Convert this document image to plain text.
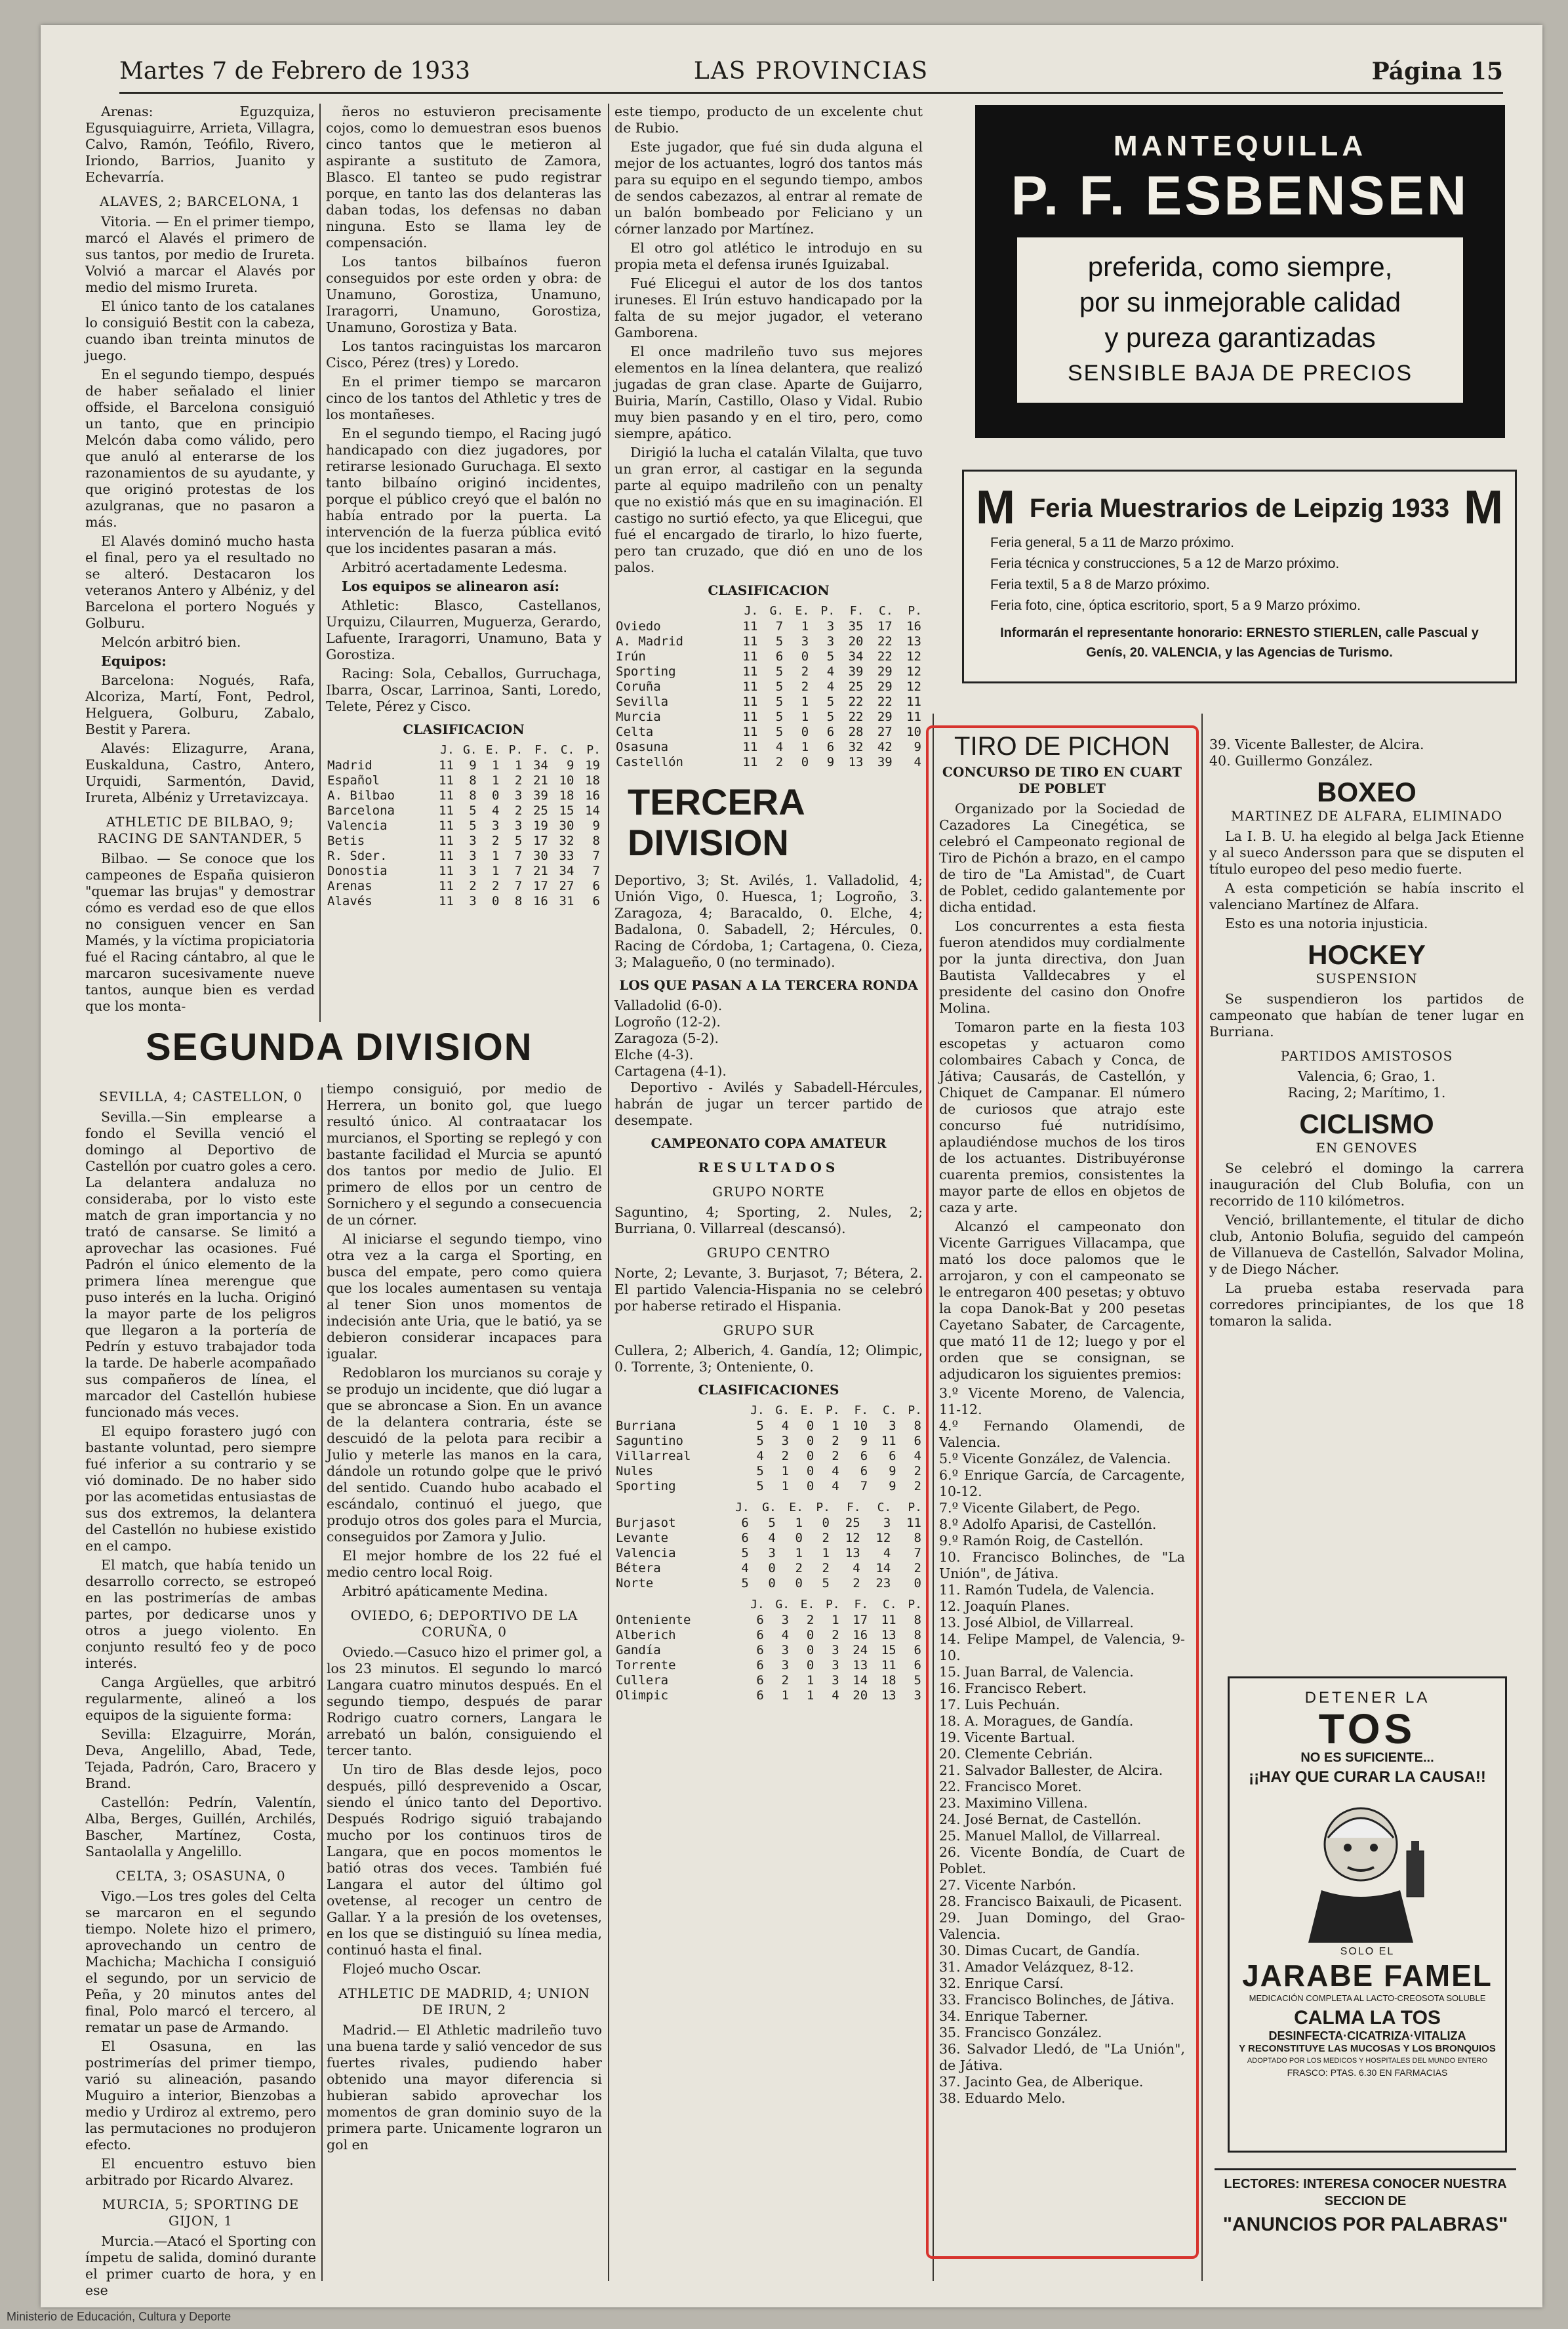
Martes 7 de Febrero de 1933	LAS PROVINCIAS	Página 15

Arenas: Eguzquiza, Egusquiaguirre, Arrieta, Villagra, Calvo, Ramón, Teófilo, Rivero, Iriondo, Barrios, Juanito y Echevarría.

ALAVES, 2; BARCELONA, 1

Vitoria. — En el primer tiempo, marcó el Alavés el primero de sus tantos, por medio de Irureta. Volvió a marcar el Alavés por medio del mismo Irureta.

El único tanto de los catalanes lo consiguió Bestit con la cabeza, cuando iban treinta minutos de juego.

En el segundo tiempo, después de haber señalado el linier offside, el Barcelona consiguió un tanto, que en principio Melcón daba como válido, pero que anuló al enterarse de los razonamientos de su ayudante, y que originó protestas de los azulgranas, que no pasaron a más.

El Alavés dominó mucho hasta el final, pero ya el resultado no se alteró. Destacaron los veteranos Antero y Albéniz, y del Barcelona el portero Nogués y Golburu.

Melcón arbitró bien.

Equipos:

Barcelona: Nogués, Rafa, Alcoriza, Martí, Font, Pedrol, Helguera, Golburu, Zabalo, Bestit y Parera.

Alavés: Elizagurre, Arana, Euskalduna, Castro, Antero, Urquidi, Sarmentón, David, Irureta, Albéniz y Urretavizcaya.

ATHLETIC DE BILBAO, 9; RACING DE SANTANDER, 5

Bilbao. — Se conoce que los campeones de España quisieron "quemar las brujas" y demostrar cómo es verdad eso de que ellos no consiguen vencer en San Mamés, y la víctima propiciatoria fué el Racing cántabro, al que le marcaron sucesivamente nueve tantos, aunque bien es verdad que los monta-

ñeros no estuvieron precisamente cojos, como lo demuestran esos buenos cinco tantos que le metieron al aspirante a sustituto de Zamora, Blasco. El tanteo se pudo registrar porque, en tanto las dos delanteras las daban todas, los defensas no daban ninguna. Esto se llama ley de compensación.

Los tantos bilbaínos fueron conseguidos por este orden y obra: de Unamuno, Gorostiza, Unamuno, Iraragorri, Unamuno, Gorostiza, Unamuno, Gorostiza y Bata.

Los tantos racinguistas los marcaron Cisco, Pérez (tres) y Loredo.

En el primer tiempo se marcaron cinco de los tantos del Athletic y tres de los montañeses.

En el segundo tiempo, el Racing jugó handicapado con diez jugadores, por retirarse lesionado Guruchaga. El sexto tanto bilbaíno originó incidentes, porque el público creyó que el balón no había entrado por la puerta. La intervención de la fuerza pública evitó que los incidentes pasaran a más.

Arbitró acertadamente Ledesma.

Los equipos se alinearon así:

Athletic: Blasco, Castellanos, Urquizu, Cilaurren, Muguerza, Gerardo, Lafuente, Iraragorri, Unamuno, Bata y Gorostiza.

Racing: Sola, Ceballos, Gurruchaga, Ibarra, Oscar, Larrinoa, Santi, Loredo, Telete, Pérez y Cisco.

CLASIFICACION
	J.	G.	E.	P.	F.	C.	P.
Madrid	11	9	1	1	34	9	19
Español	11	8	1	2	21	10	18
A. Bilbao	11	8	0	3	39	18	16
Barcelona	11	5	4	2	25	15	14
Valencia	11	5	3	3	19	30	9
Betis	11	3	2	5	17	32	8
R. Sder.	11	3	1	7	30	33	7
Donostia	11	3	1	7	21	34	7
Arenas	11	2	2	7	17	27	6
Alavés	11	3	0	8	16	31	6
SEGUNDA DIVISION
SEVILLA, 4; CASTELLON, 0

Sevilla.—Sin emplearse a fondo el Sevilla venció el domingo al Deportivo de Castellón por cuatro goles a cero. La delantera andaluza no consideraba, por lo visto este match de gran importancia y no trató de cansarse. Se limitó a aprovechar las ocasiones. Fué Padrón el único elemento de la primera línea merengue que puso interés en la lucha. Originó la mayor parte de los peligros que llegaron a la portería de Pedrín y estuvo trabajador toda la tarde. De haberle acompañado sus compañeros de línea, el marcador del Castellón hubiese funcionado más veces.

El equipo forastero jugó con bastante voluntad, pero siempre fué inferior a su contrario y se vió dominado. De no haber sido por las acometidas entusiastas de sus dos extremos, la delantera del Castellón no hubiese existido en el campo.

El match, que había tenido un desarrollo correcto, se estropeó en las postrimerías de ambas partes, por dedicarse unos y otros a juego violento. En conjunto resultó feo y de poco interés.

Canga Argüelles, que arbitró regularmente, alineó a los equipos de la siguiente forma:

Sevilla: Elzaguirre, Morán, Deva, Angelillo, Abad, Tede, Tejada, Padrón, Caro, Bracero y Brand.

Castellón: Pedrín, Valentín, Alba, Berges, Guillén, Archilés, Bascher, Martínez, Costa, Santaolalla y Angelillo.

CELTA, 3; OSASUNA, 0

Vigo.—Los tres goles del Celta se marcaron en el segundo tiempo. Nolete hizo el primero, aprovechando un centro de Machicha; Machicha I consiguió el segundo, por un servicio de Peña, y 20 minutos antes del final, Polo marcó el tercero, al rematar un pase de Armando.

El Osasuna, en las postrimerías del primer tiempo, varió su alineación, pasando Muguiro a interior, Bienzobas a medio y Urdiroz al extremo, pero las permutaciones no produjeron efecto.

El encuentro estuvo bien arbitrado por Ricardo Alvarez.

MURCIA, 5; SPORTING DE GIJON, 1

Murcia.—Atacó el Sporting con ímpetu de salida, dominó durante el primer cuarto de hora, y en ese

tiempo consiguió, por medio de Herrera, un bonito gol, que luego resultó único. Al contraatacar los murcianos, el Sporting se replegó y con bastante facilidad el Murcia se apuntó dos tantos por medio de Julio. El primero de ellos por un centro de Sornichero y el segundo a consecuencia de un córner.

Al iniciarse el segundo tiempo, vino otra vez a la carga el Sporting, en busca del empate, pero como quiera que los locales aumentasen su ventaja al tener Sion unos momentos de indecisión ante Uria, que le batió, ya se debieron considerar incapaces para igualar.

Redoblaron los murcianos su coraje y se produjo un incidente, que dió lugar a que se abroncase a Sion. En un avance de la delantera contraria, éste se descuidó de la pelota para recibir a Julio y meterle las manos en la cara, dándole un rotundo golpe que le privó del sentido. Cuando hubo acabado el escándalo, continuó el juego, que produjo otros dos goles para el Murcia, conseguidos por Zamora y Julio.

El mejor hombre de los 22 fué el medio centro local Roig.

Arbitró apáticamente Medina.

OVIEDO, 6; DEPORTIVO DE LA CORUÑA, 0

Oviedo.—Casuco hizo el primer gol, a los 23 minutos. El segundo lo marcó Langara cuatro minutos después. En el segundo tiempo, después de parar Rodrigo cuatro corners, Langara le arrebató un balón, consiguiendo el tercer tanto.

Un tiro de Blas desde lejos, poco después, pilló desprevenido a Oscar, siendo el único tanto del Deportivo. Después Rodrigo siguió trabajando mucho por los continuos tiros de Langara, que en pocos momentos le batió otras dos veces. También fué Langara el autor del último gol ovetense, al recoger un centro de Gallar. Y a la presión de los ovetenses, en los que se distinguió su línea media, continuó hasta el final.

Flojeó mucho Oscar.

ATHLETIC DE MADRID, 4; UNION DE IRUN, 2

Madrid.— El Athletic madrileño tuvo una buena tarde y salió vencedor de sus fuertes rivales, pudiendo haber obtenido una mayor diferencia si hubieran sabido aprovechar los momentos de gran dominio suyo de la primera parte. Unicamente lograron un gol en

este tiempo, producto de un excelente chut de Rubio.

Este jugador, que fué sin duda alguna el mejor de los actuantes, logró dos tantos más para su equipo en el segundo tiempo, ambos de sendos cabezazos, al entrar al remate de un balón bombeado por Feliciano y un córner lanzado por Martínez.

El otro gol atlético le introdujo en su propia meta el defensa irunés Iguizabal.

Fué Elicegui el autor de los dos tantos iruneses. El Irún estuvo handicapado por la falta de su mejor jugador, el veterano Gamborena.

El once madrileño tuvo sus mejores elementos en la línea delantera, que realizó jugadas de gran clase. Aparte de Guijarro, Buiria, Marín, Castillo, Olaso y Vidal. Rubio muy bien pasando y en el tiro, pero, como siempre, apático.

Dirigió la lucha el catalán Vilalta, que tuvo un gran error, al castigar en la segunda parte al equipo madrileño con un penalty que no existió más que en su imaginación. El castigo no surtió efecto, ya que Elicegui, que fué el encargado de tirarlo, lo hizo fuerte, pero tan cruzado, que dió en uno de los palos.

CLASIFICACION
	J.	G.	E.	P.	F.	C.	P.
Oviedo	11	7	1	3	35	17	16
A. Madrid	11	5	3	3	20	22	13
Irún	11	6	0	5	34	22	12
Sporting	11	5	2	4	39	29	12
Coruña	11	5	2	4	25	29	12
Sevilla	11	5	1	5	22	22	11
Murcia	11	5	1	5	22	29	11
Celta	11	5	0	6	28	27	10
Osasuna	11	4	1	6	32	42	9
Castellón	11	2	0	9	13	39	4
TERCERA DIVISION

Deportivo, 3; St. Avilés, 1. Valladolid, 4; Unión Vigo, 0. Huesca, 1; Logroño, 3. Zaragoza, 4; Baracaldo, 0. Elche, 4; Badalona, 0. Sabadell, 2; Hércules, 0. Racing de Córdoba, 1; Cartagena, 0. Cieza, 3; Malagueño, 0 (no terminado).

LOS QUE PASAN A LA TERCERA RONDA
Valladolid (6-0).
Logroño (12-2).
Zaragoza (5-2).
Elche (4-3).
Cartagena (4-1).

Deportivo - Avilés y Sabadell-Hércules, habrán de jugar un tercer partido de desempate.

CAMPEONATO COPA AMATEUR
RESULTADOS
GRUPO NORTE

Saguntino, 4; Sporting, 2. Nules, 2; Burriana, 0. Villarreal (descansó).

GRUPO CENTRO

Norte, 2; Levante, 3. Burjasot, 7; Bétera, 2. El partido Valencia-Hispania no se celebró por haberse retirado el Hispania.

GRUPO SUR

Cullera, 2; Alberich, 4. Gandía, 12; Olimpic, 0. Torrente, 3; Onteniente, 0.

CLASIFICACIONES
	J.	G.	E.	P.	F.	C.	P.
Burriana	5	4	0	1	10	3	8
Saguntino	5	3	0	2	9	11	6
Villarreal	4	2	0	2	6	6	4
Nules	5	1	0	4	6	9	2
Sporting	5	1	0	4	7	9	2
	J.	G.	E.	P.	F.	C.	P.
Burjasot	6	5	1	0	25	3	11
Levante	6	4	0	2	12	12	8
Valencia	5	3	1	1	13	4	7
Bétera	4	0	2	2	4	14	2
Norte	5	0	0	5	2	23	0
	J.	G.	E.	P.	F.	C.	P.
Onteniente	6	3	2	1	17	11	8
Alberich	6	4	0	2	16	13	8
Gandía	6	3	0	3	24	15	6
Torrente	6	3	0	3	13	11	6
Cullera	6	2	1	3	14	18	5
Olimpic	6	1	1	4	20	13	3
MANTEQUILLA
P. F. ESBENSEN
preferida, como siempre,
por su inmejorable calidad
y pureza garantizadas
SENSIBLE BAJA DE PRECIOS
M	M
Feria Muestrarios de Leipzig 1933
Feria general, 5 a 11 de Marzo próximo.
Feria técnica y construcciones, 5 a 12 de Marzo próximo.
Feria textil, 5 a 8 de Marzo próximo.
Feria foto, cine, óptica escritorio, sport, 5 a 9 Marzo próximo.
Informarán el representante honorario: ERNESTO STIERLEN, calle Pascual y Genís, 20. VALENCIA, y las Agencias de Turismo.
TIRO DE PICHON
CONCURSO DE TIRO EN CUART DE POBLET

Organizado por la Sociedad de Cazadores La Cinegética, se celebró el Campeonato regional de Tiro de Pichón a brazo, en el campo de tiro de "La Amistad", de Cuart de Poblet, cedido galantemente por dicha entidad.

Los concurrentes a esta fiesta fueron atendidos muy cordialmente por la junta directiva, don Juan Bautista Valldecabres y el presidente del casino don Onofre Molina.

Tomaron parte en la fiesta 103 escopetas y actuaron como colombaires Cabach y Conca, de Játiva; Causarás, de Castellón, y Chiquet de Campanar. El número de curiosos que atrajo este concurso fué nutridísimo, aplaudiéndose muchos de los tiros de los actuantes. Distribuyéronse cuarenta premios, consistentes la mayor parte de ellos en objetos de caza y arte.

Alcanzó el campeonato don Vicente Garrigues Villacampa, que mató los doce palomos que le arrojaron, y con el campeonato se le entregaron 400 pesetas; y obtuvo la copa Danok-Bat y 200 pesetas Cayetano Sabater, de Carcagente, que mató 11 de 12; luego y por el orden que se consignan, se adjudicaron los siguientes premios:

3.º Vicente Moreno, de Valencia, 11-12.
4.º Fernando Olamendi, de Valencia.
5.º Vicente González, de Valencia.
6.º Enrique García, de Carcagente, 10-12.
7.º Vicente Gilabert, de Pego.
8.º Adolfo Aparisi, de Castellón.
9.º Ramón Roig, de Castellón.
10. Francisco Bolinches, de "La Unión", de Játiva.
11. Ramón Tudela, de Valencia.
12. Joaquín Planes.
13. José Albiol, de Villarreal.
14. Felipe Mampel, de Valencia, 9-10.
15. Juan Barral, de Valencia.
16. Francisco Rebert.
17. Luis Pechuán.
18. A. Moragues, de Gandía.
19. Vicente Bartual.
20. Clemente Cebrián.
21. Salvador Ballester, de Alcira.
22. Francisco Moret.
23. Maximino Villena.
24. José Bernat, de Castellón.
25. Manuel Mallol, de Villarreal.
26. Vicente Bondía, de Cuart de Poblet.
27. Vicente Narbón.
28. Francisco Baixauli, de Picasent.
29. Juan Domingo, del Grao-Valencia.
30. Dimas Cucart, de Gandía.
31. Amador Velázquez, 8-12.
32. Enrique Carsí.
33. Francisco Bolinches, de Játiva.
34. Enrique Taberner.
35. Francisco González.
36. Salvador Lledó, de "La Unión", de Játiva.
37. Jacinto Gea, de Alberique.
38. Eduardo Melo.
39. Vicente Ballester, de Alcira.
40. Guillermo González.
BOXEO
MARTINEZ DE ALFARA, ELIMINADO

La I. B. U. ha elegido al belga Jack Etienne y al sueco Andersson para que se disputen el título europeo del peso medio fuerte.

A esta competición se había inscrito el valenciano Martínez de Alfara.

Esto es una notoria injusticia.

HOCKEY
SUSPENSION

Se suspendieron los partidos de campeonato que habían de tener lugar en Burriana.

PARTIDOS AMISTOSOS
Valencia, 6; Grao, 1.
Racing, 2; Marítimo, 1.
CICLISMO
EN GENOVES

Se celebró el domingo la carrera inauguración del Club Bolufia, con un recorrido de 110 kilómetros.

Venció, brillantemente, el titular de dicho club, Antonio Bolufia, seguido del campeón de Villanueva de Castellón, Salvador Molina, y de Diego Nácher.

La prueba estaba reservada para corredores principiantes, de los que 18 tomaron la salida.

DETENER LA
TOS
NO ES SUFICIENTE...
¡¡HAY QUE CURAR LA CAUSA!!
SOLO EL
JARABE FAMEL
MEDICACIÓN COMPLETA AL LACTO-CREOSOTA SOLUBLE
CALMA LA TOS
DESINFECTA·CICATRIZA·VITALIZA
Y RECONSTITUYE LAS MUCOSAS Y LOS BRONQUIOS
ADOPTADO POR LOS MEDICOS Y HOSPITALES DEL MUNDO ENTERO
FRASCO: PTAS. 6.30 EN FARMACIAS
LECTORES: INTERESA CONOCER NUESTRA SECCION DE
"ANUNCIOS POR PALABRAS"
Ministerio de Educación, Cultura y Deporte
